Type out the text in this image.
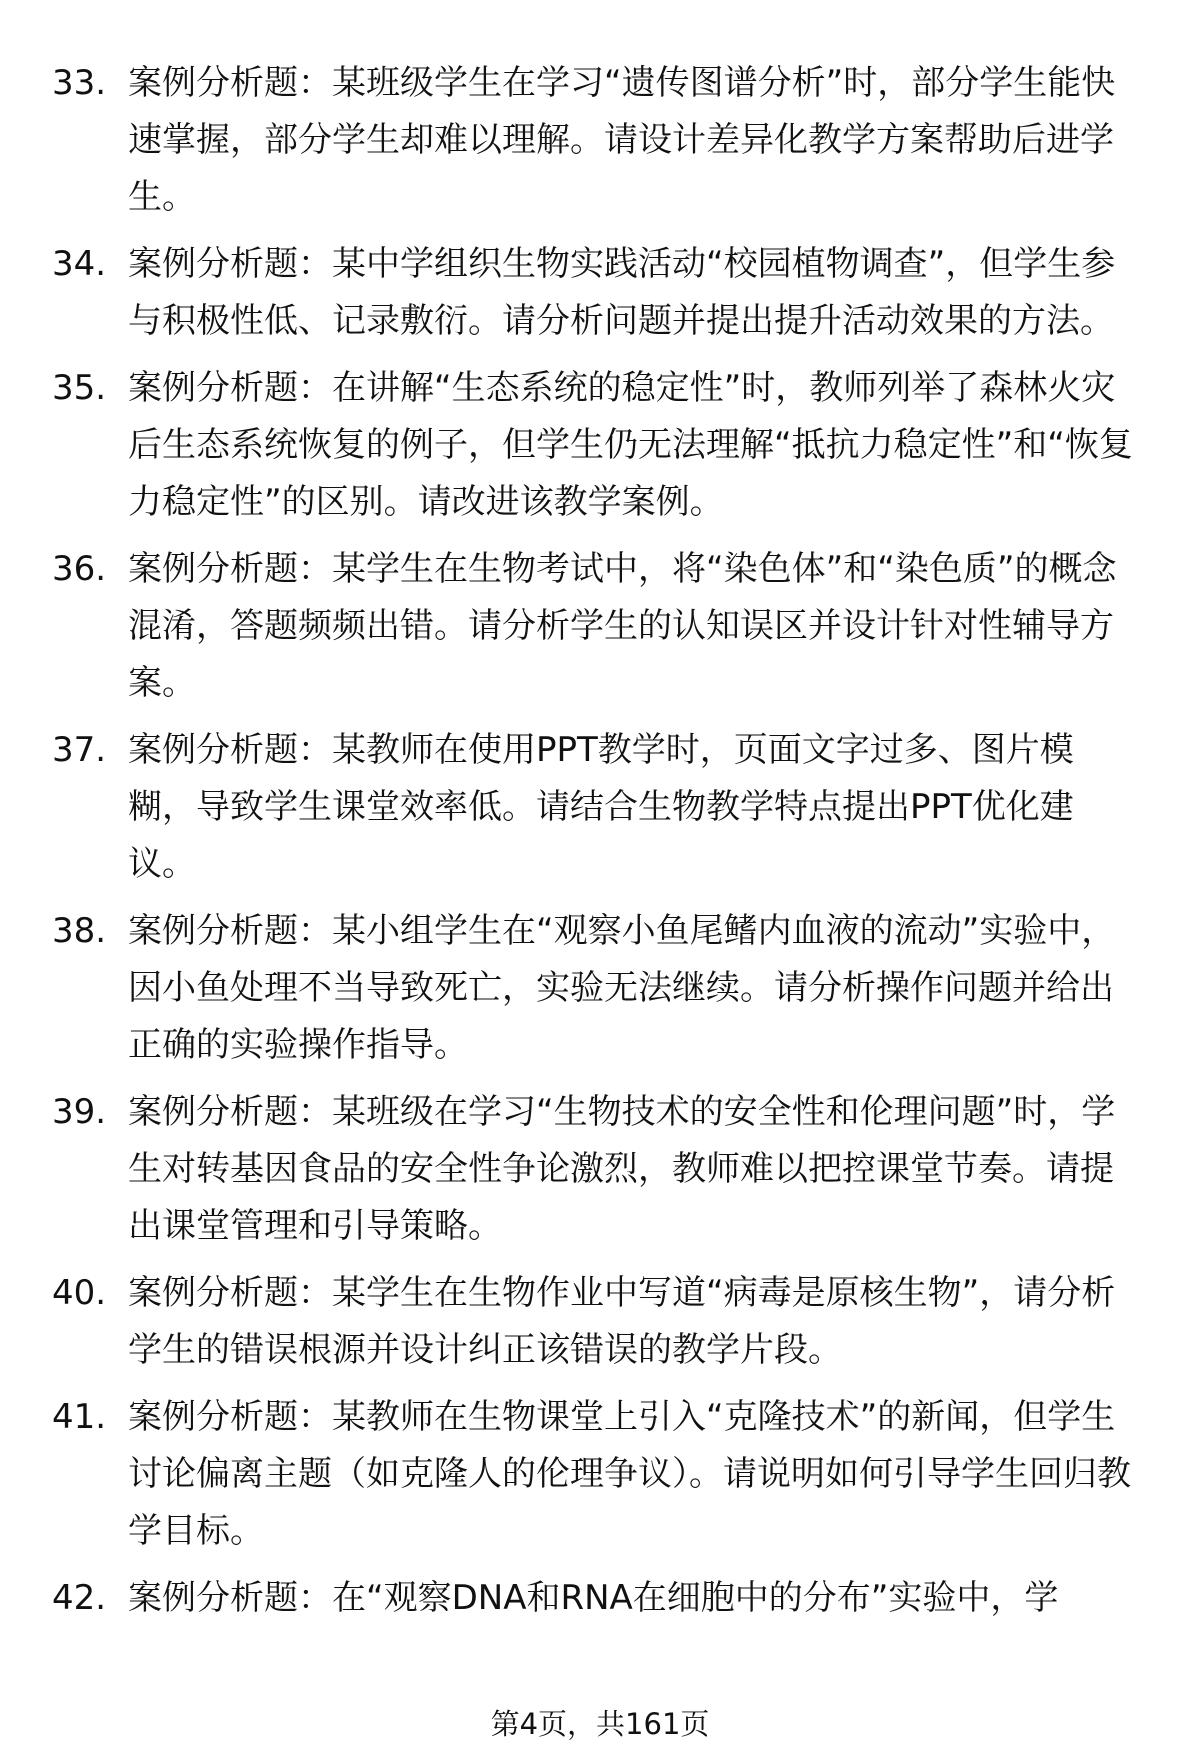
33. 案例分析题：某班级学生在学习“遗传图谱分析”时，部分学生能快速掌握，部分学生却难以理解。请设计差异化教学方案帮助后进学生。
34. 案例分析题：某中学组织生物实践活动“校园植物调查”，但学生参与积极性低、记录敷衍。请分析问题并提出提升活动效果的方法。
35. 案例分析题：在讲解“生态系统的稳定性”时，教师列举了森林火灾后生态系统恢复的例子，但学生仍无法理解“抵抗力稳定性”和“恢复力稳定性”的区别。请改进该教学案例。
36. 案例分析题：某学生在生物考试中，将“染色体”和“染色质”的概念混淆，答题频频出错。请分析学生的认知误区并设计针对性辅导方案。
37. 案例分析题：某教师在使用PPT教学时，页面文字过多、图片模糊，导致学生课堂效率低。请结合生物教学特点提出PPT优化建议。
38. 案例分析题：某小组学生在“观察小鱼尾鳍内血液的流动”实验中，因小鱼处理不当导致死亡，实验无法继续。请分析操作问题并给出正确的实验操作指导。
39. 案例分析题：某班级在学习“生物技术的安全性和伦理问题”时，学生对转基因食品的安全性争论激烈，教师难以把控课堂节奏。请提出课堂管理和引导策略。
40. 案例分析题：某学生在生物作业中写道“病毒是原核生物”，请分析学生的错误根源并设计纠正该错误的教学片段。
41. 案例分析题：某教师在生物课堂上引入“克隆技术”的新闻，但学生讨论偏离主题（如克隆人的伦理争议）。请说明如何引导学生回归教学目标。
42. 案例分析题：在“观察DNA和RNA在细胞中的分布”实验中，学
第4页，共161页
